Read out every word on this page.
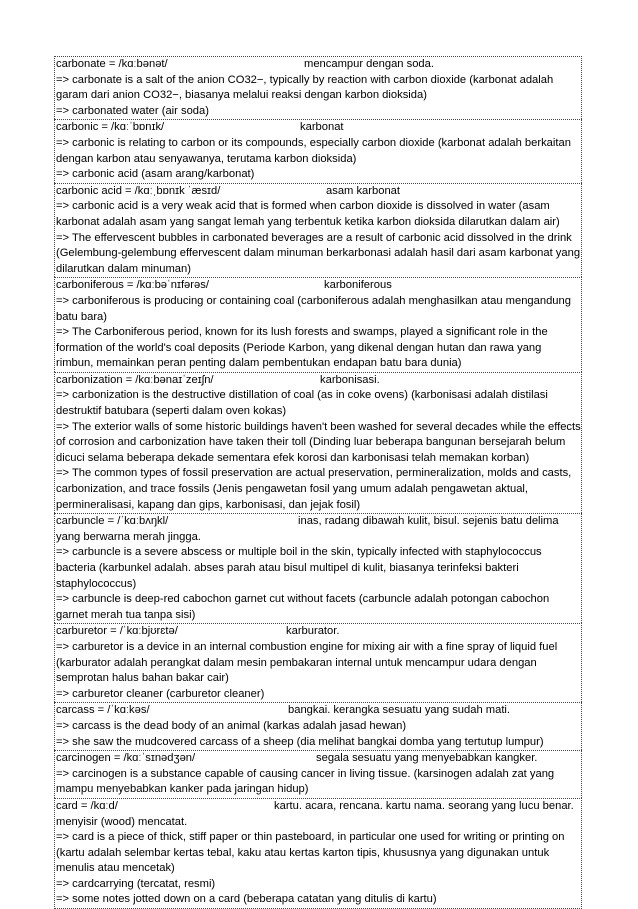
carbonate = /kɑːbənət/	mencampur dengan soda.
=> carbonate is a salt of the anion CO32−, typically by reaction with carbon dioxide (karbonat adalah garam dari anion CO32−, biasanya melalui reaksi dengan karbon dioksida)
=> carbonated water (air soda)
carbonic = /kɑːˈbɒnɪk/	karbonat
=> carbonic is relating to carbon or its compounds, especially carbon dioxide (karbonat adalah berkaitan dengan karbon atau senyawanya, terutama karbon dioksida)
=> carbonic acid (asam arang/karbonat)
carbonic acid = /kɑːˌbɒnɪk ˈæsɪd/	asam karbonat
=> carbonic acid is a very weak acid that is formed when carbon dioxide is dissolved in water (asam karbonat adalah asam yang sangat lemah yang terbentuk ketika karbon dioksida dilarutkan dalam air)
=> The effervescent bubbles in carbonated beverages are a result of carbonic acid dissolved in the drink (Gelembung-gelembung effervescent dalam minuman berkarbonasi adalah hasil dari asam karbonat yang dilarutkan dalam minuman)
carboniferous = /kɑːbəˈnɪfərəs/	karboniferous
=> carboniferous is producing or containing coal (carboniferous adalah menghasilkan atau mengandung batu bara)
=> The Carboniferous period, known for its lush forests and swamps, played a significant role in the formation of the world's coal deposits (Periode Karbon, yang dikenal dengan hutan dan rawa yang rimbun, memainkan peran penting dalam pembentukan endapan batu bara dunia)
carbonization = /kɑːbənaɪˈzeɪʃn/	karbonisasi.
=> carbonization is the destructive distillation of coal (as in coke ovens) (karbonisasi adalah distilasi destruktif batubara (seperti dalam oven kokas)
=> The exterior walls of some historic buildings haven't been washed for several decades while the effects of corrosion and carbonization have taken their toll (Dinding luar beberapa bangunan bersejarah belum dicuci selama beberapa dekade sementara efek korosi dan karbonisasi telah memakan korban)
=> The common types of fossil preservation are actual preservation, permineralization, molds and casts, carbonization, and trace fossils (Jenis pengawetan fosil yang umum adalah pengawetan aktual, permineralisasi, kapang dan gips, karbonisasi, dan jejak fosil)
carbuncle = /ˈkɑːbʌŋkl/	inas, radang dibawah kulit, bisul. sejenis batu delima yang berwarna merah jingga.
=> carbuncle is a severe abscess or multiple boil in the skin, typically infected with staphylococcus bacteria (karbunkel adalah. abses parah atau bisul multipel di kulit, biasanya terinfeksi bakteri staphylococcus)
=> carbuncle is deep-red cabochon garnet cut without facets (carbuncle adalah potongan cabochon garnet merah tua tanpa sisi)
carburetor = /ˈkɑːbjʊrɛtə/	karburator.
=> carburetor is a device in an internal combustion engine for mixing air with a fine spray of liquid fuel (karburator adalah perangkat dalam mesin pembakaran internal untuk mencampur udara dengan semprotan halus bahan bakar cair)
=> carburetor cleaner (carburetor cleaner)
carcass = /ˈkɑːkəs/	bangkai. kerangka sesuatu yang sudah mati.
=> carcass is the dead body of an animal (karkas adalah jasad hewan)
=> she saw the mudcovered carcass of a sheep (dia melihat bangkai domba yang tertutup lumpur)
carcinogen = /kɑːˈsɪnədʒən/	segala sesuatu yang menyebabkan kangker.
=> carcinogen is a substance capable of causing cancer in living tissue. (karsinogen adalah zat yang mampu menyebabkan kanker pada jaringan hidup)
card = /kɑːd/	kartu. acara, rencana. kartu nama. seorang yang lucu benar. menyisir (wood) mencatat.
=> card is a piece of thick, stiff paper or thin pasteboard, in particular one used for writing or printing on (kartu adalah selembar kertas tebal, kaku atau kertas karton tipis, khususnya yang digunakan untuk menulis atau mencetak)
=> cardcarrying (tercatat, resmi)
=> some notes jotted down on a card (beberapa catatan yang ditulis di kartu)
